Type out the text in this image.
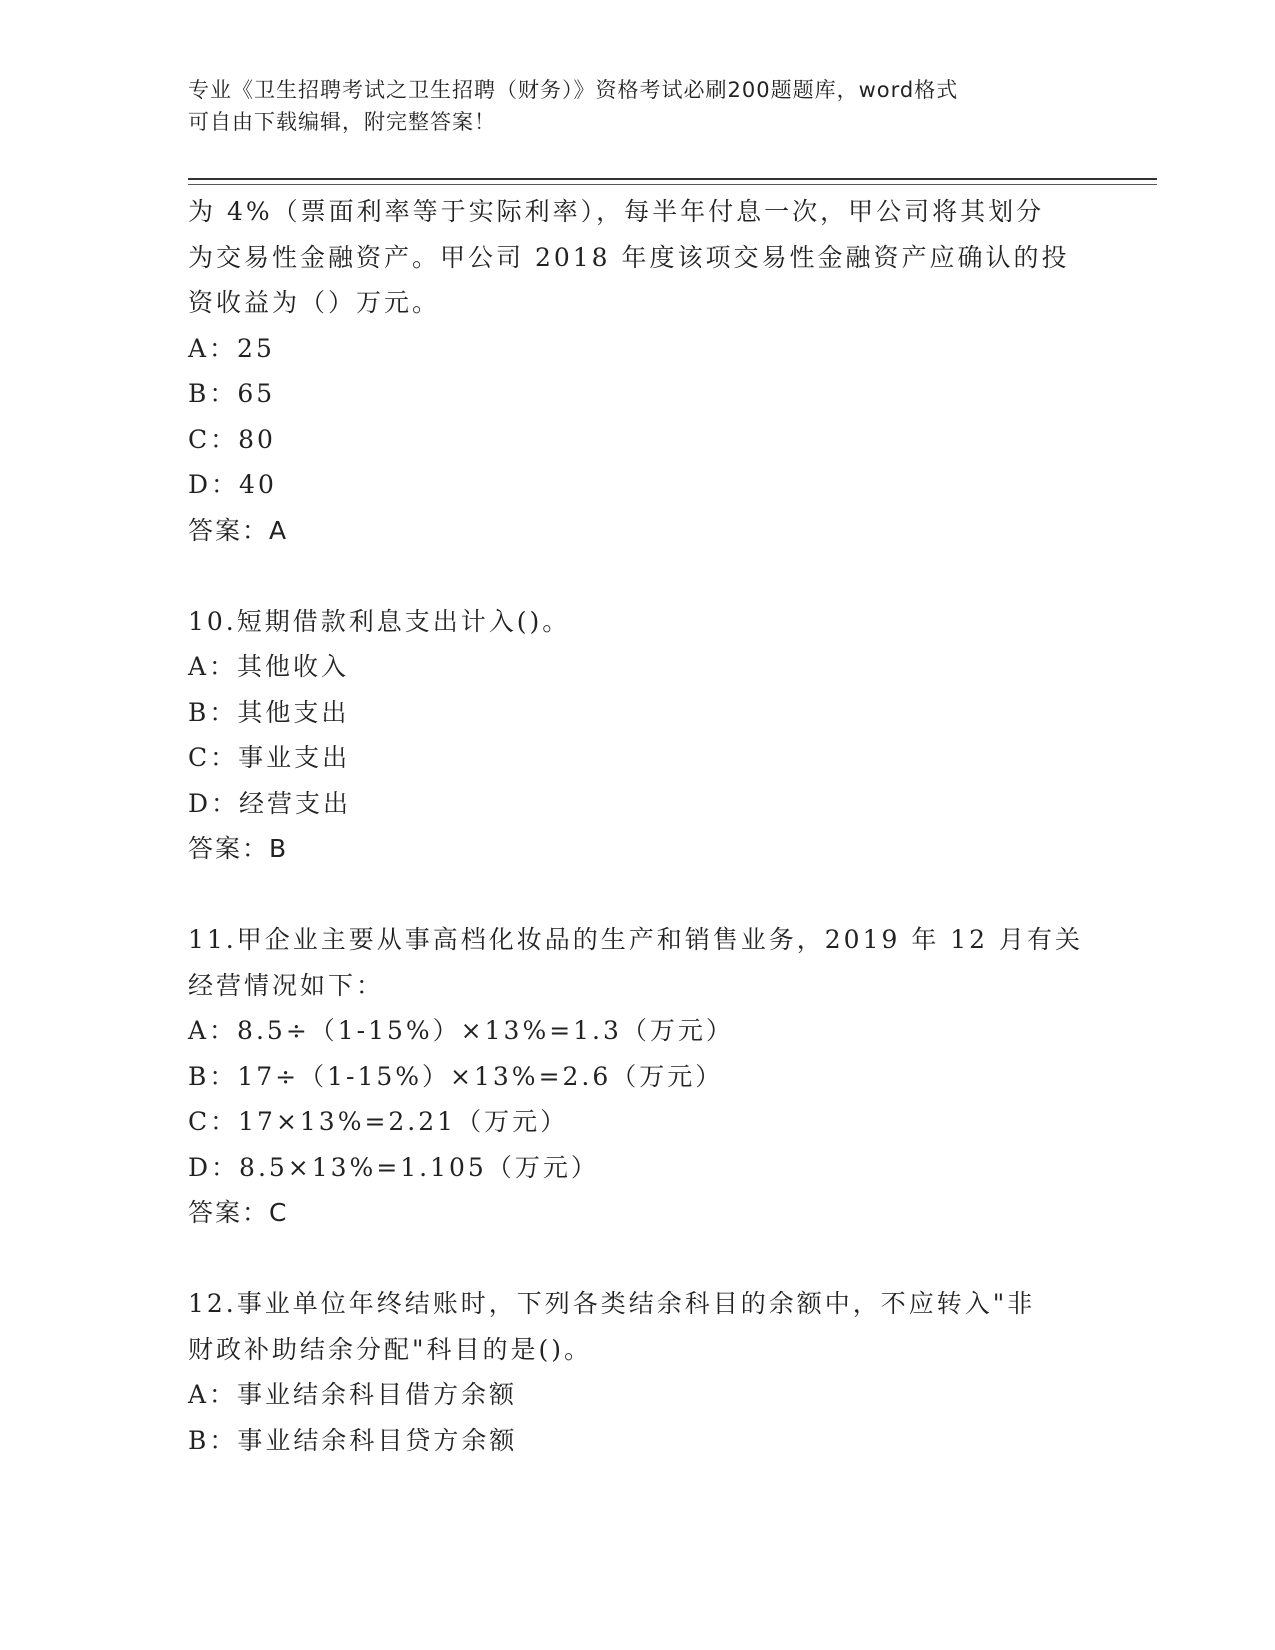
专业《卫生招聘考试之卫生招聘（财务）》资格考试必刷200题题库，word格式
可自由下载编辑，附完整答案！
为 4%（票面利率等于实际利率），每半年付息一次，甲公司将其划分
为交易性金融资产。甲公司 2018 年度该项交易性金融资产应确认的投
资收益为（）万元。
A：25
B：65
C：80
D：40
答案：A
10.短期借款利息支出计入()。
A：其他收入
B：其他支出
C：事业支出
D：经营支出
答案：B
11.甲企业主要从事高档化妆品的生产和销售业务，2019 年 12 月有关
经营情况如下：
A：8.5÷（1-15%）×13%=1.3（万元）
B：17÷（1-15%）×13%=2.6（万元）
C：17×13%=2.21（万元）
D：8.5×13%=1.105（万元）
答案：C
12.事业单位年终结账时，下列各类结余科目的余额中，不应转入"非
财政补助结余分配"科目的是()。
A：事业结余科目借方余额
B：事业结余科目贷方余额
